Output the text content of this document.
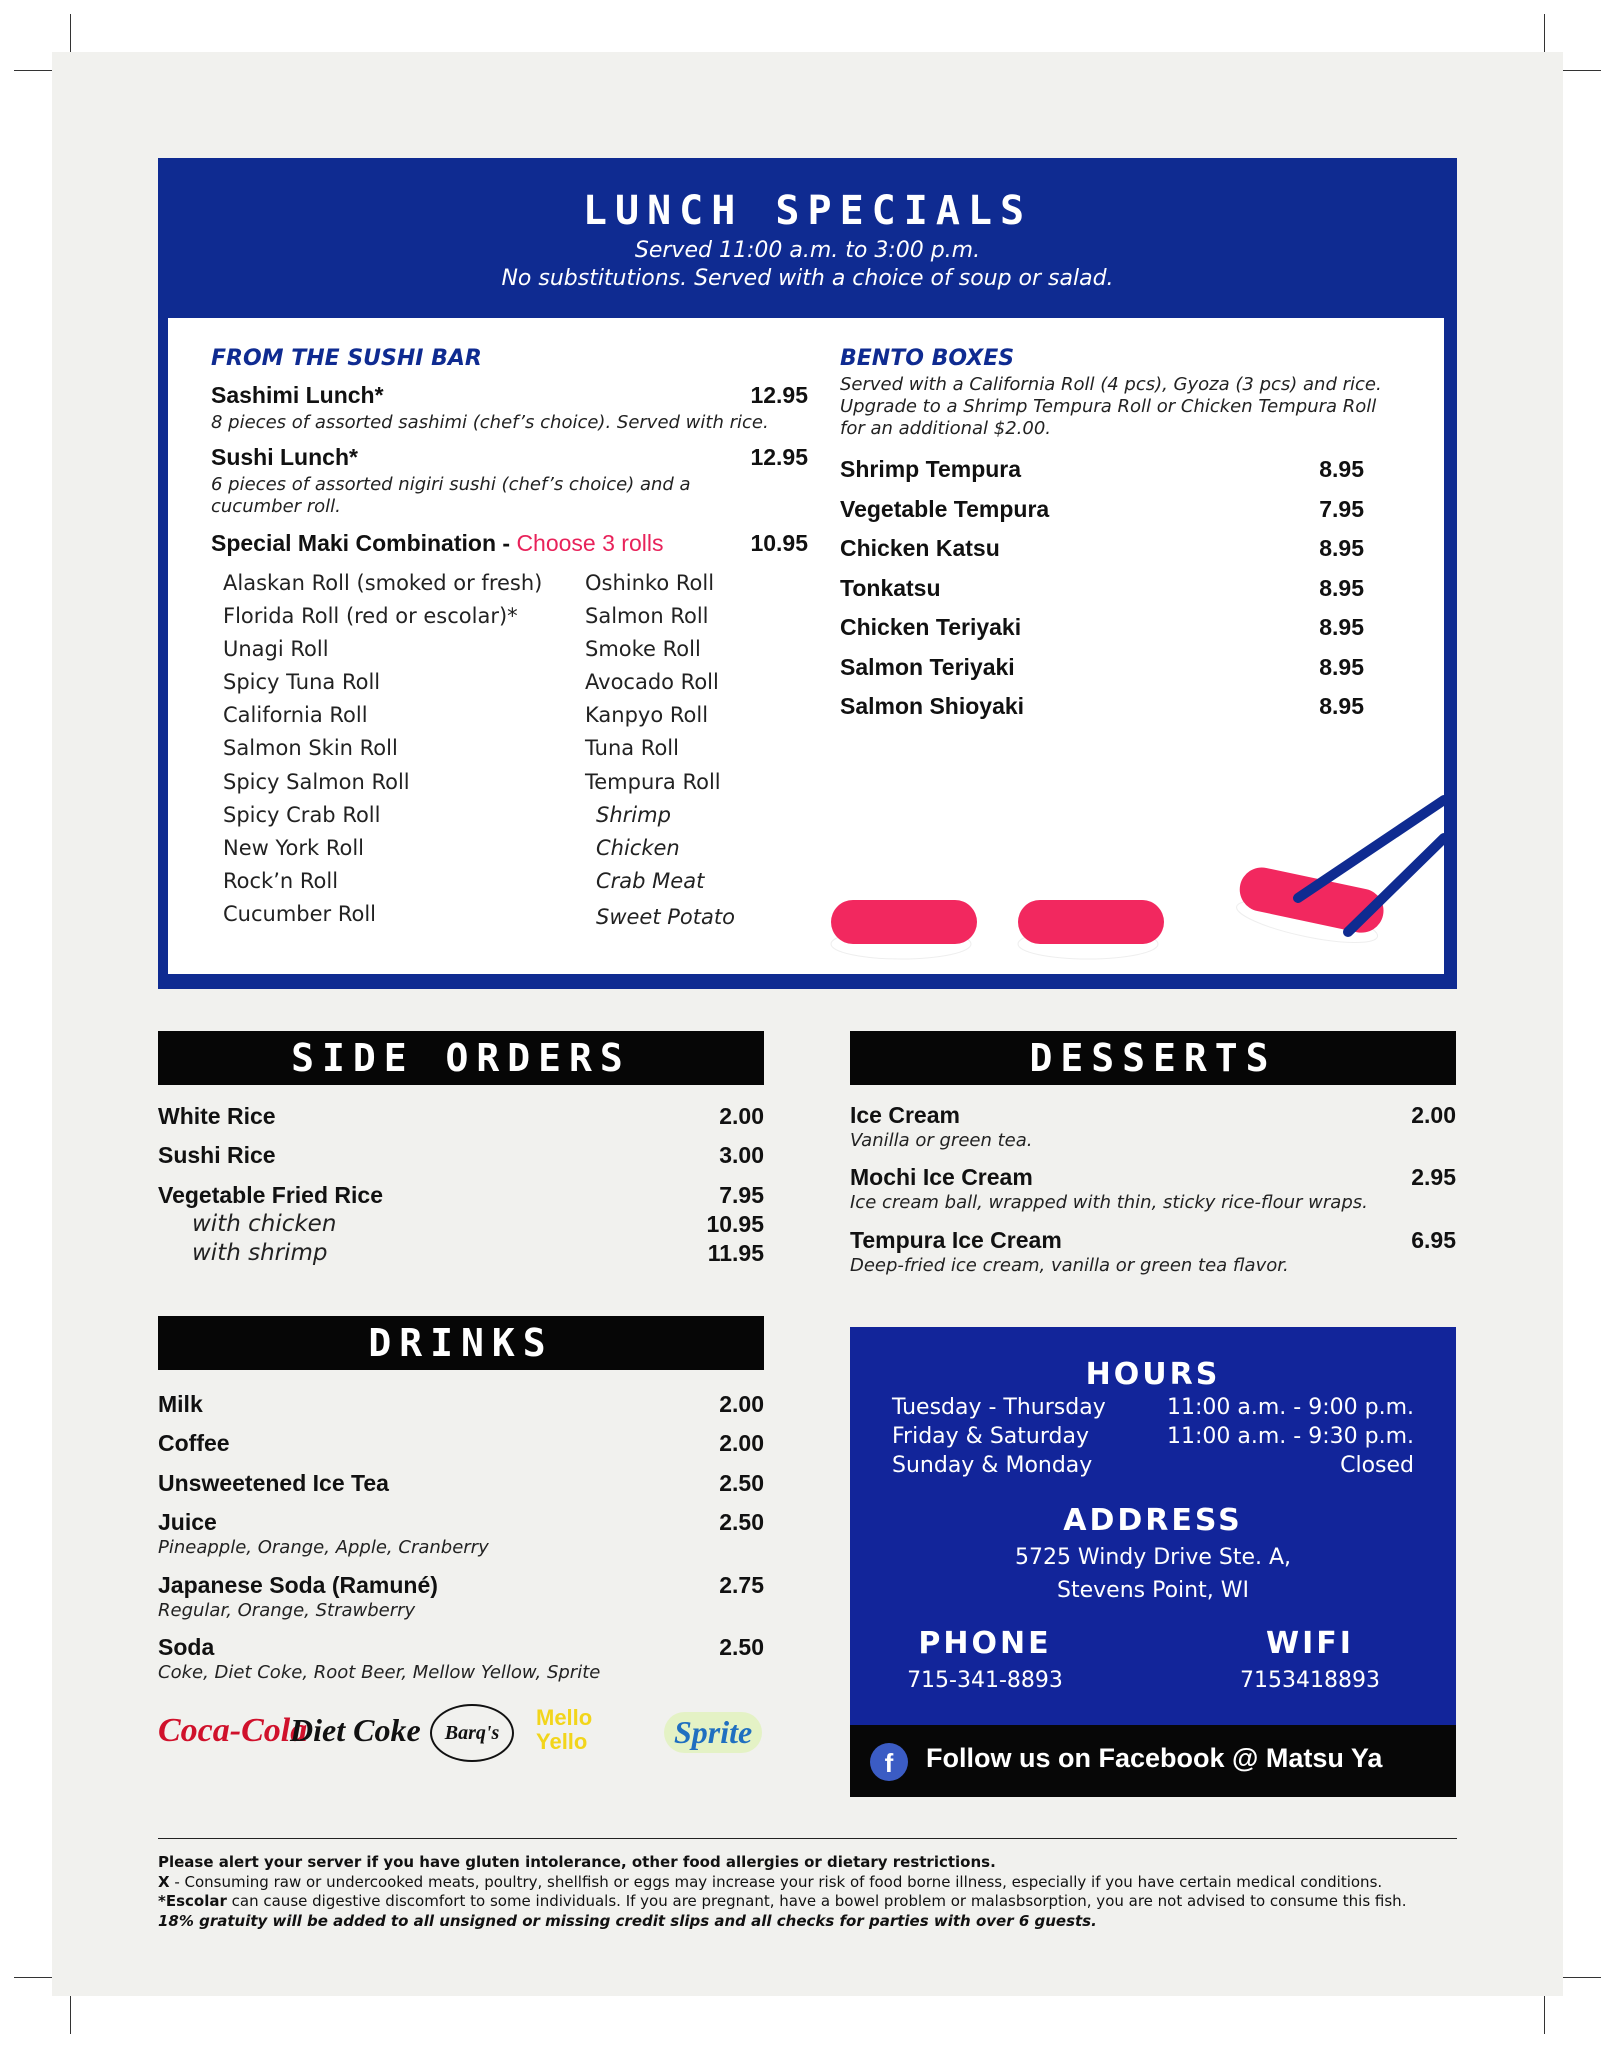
LUNCH SPECIALS
Served 11:00 a.m. to 3:00 p.m.
No substitutions. Served with a choice of soup or salad.
FROM THE SUSHI BAR
Sashimi Lunch*	12.95
8 pieces of assorted sashimi (chef’s choice). Served with rice.
Sushi Lunch*	12.95
6 pieces of assorted nigiri sushi (chef’s choice) and a
cucumber roll.
Special Maki Combination - Choose 3 rolls	10.95
Alaskan Roll (smoked or fresh)
Florida Roll (red or escolar)*
Unagi Roll
Spicy Tuna Roll
California Roll
Salmon Skin Roll
Spicy Salmon Roll
Spicy Crab Roll
New York Roll
Rock’n Roll
Cucumber Roll
Oshinko Roll
Salmon Roll
Smoke Roll
Avocado Roll
Kanpyo Roll
Tuna Roll
Tempura Roll
Shrimp
Chicken
Crab Meat
Sweet Potato
BENTO BOXES
Served with a California Roll (4 pcs), Gyoza (3 pcs) and rice.
Upgrade to a Shrimp Tempura Roll or Chicken Tempura Roll
for an additional $2.00.
Shrimp Tempura	8.95
Vegetable Tempura	7.95
Chicken Katsu	8.95
Tonkatsu	8.95
Chicken Teriyaki	8.95
Salmon Teriyaki	8.95
Salmon Shioyaki	8.95
SIDE ORDERS
White Rice	2.00
Sushi Rice	3.00
Vegetable Fried Rice	7.95
with chicken	10.95
with shrimp	11.95
DESSERTS
Ice Cream	2.00
Vanilla or green tea.
Mochi Ice Cream	2.95
Ice cream ball, wrapped with thin, sticky rice-flour wraps.
Tempura Ice Cream	6.95
Deep-fried ice cream, vanilla or green tea flavor.
DRINKS
Milk	2.00
Coffee	2.00
Unsweetened Ice Tea	2.50
Juice	2.50
Pineapple, Orange, Apple, Cranberry
Japanese Soda (Ramuné)	2.75
Regular, Orange, Strawberry
Soda	2.50
Coke, Diet Coke, Root Beer, Mellow Yellow, Sprite
Coca-Cola
Diet Coke	Barq's
Mello Yello	Sprite
HOURS
Tuesday - Thursday	11:00 a.m. - 9:00 p.m.
Friday & Saturday	11:00 a.m. - 9:30 p.m.
Sunday & Monday	Closed
ADDRESS
5725 Windy Drive Ste. A,
Stevens Point, WI
PHONE
715-341-8893
WIFI
7153418893
f	Follow us on Facebook @ Matsu Ya
Please alert your server if you have gluten intolerance, other food allergies or dietary restrictions.
X - Consuming raw or undercooked meats, poultry, shellfish or eggs may increase your risk of food borne illness, especially if you have certain medical conditions.
*Escolar can cause digestive discomfort to some individuals. If you are pregnant, have a bowel problem or malasbsorption, you are not advised to consume this fish.
18% gratuity will be added to all unsigned or missing credit slips and all checks for parties with over 6 guests.
